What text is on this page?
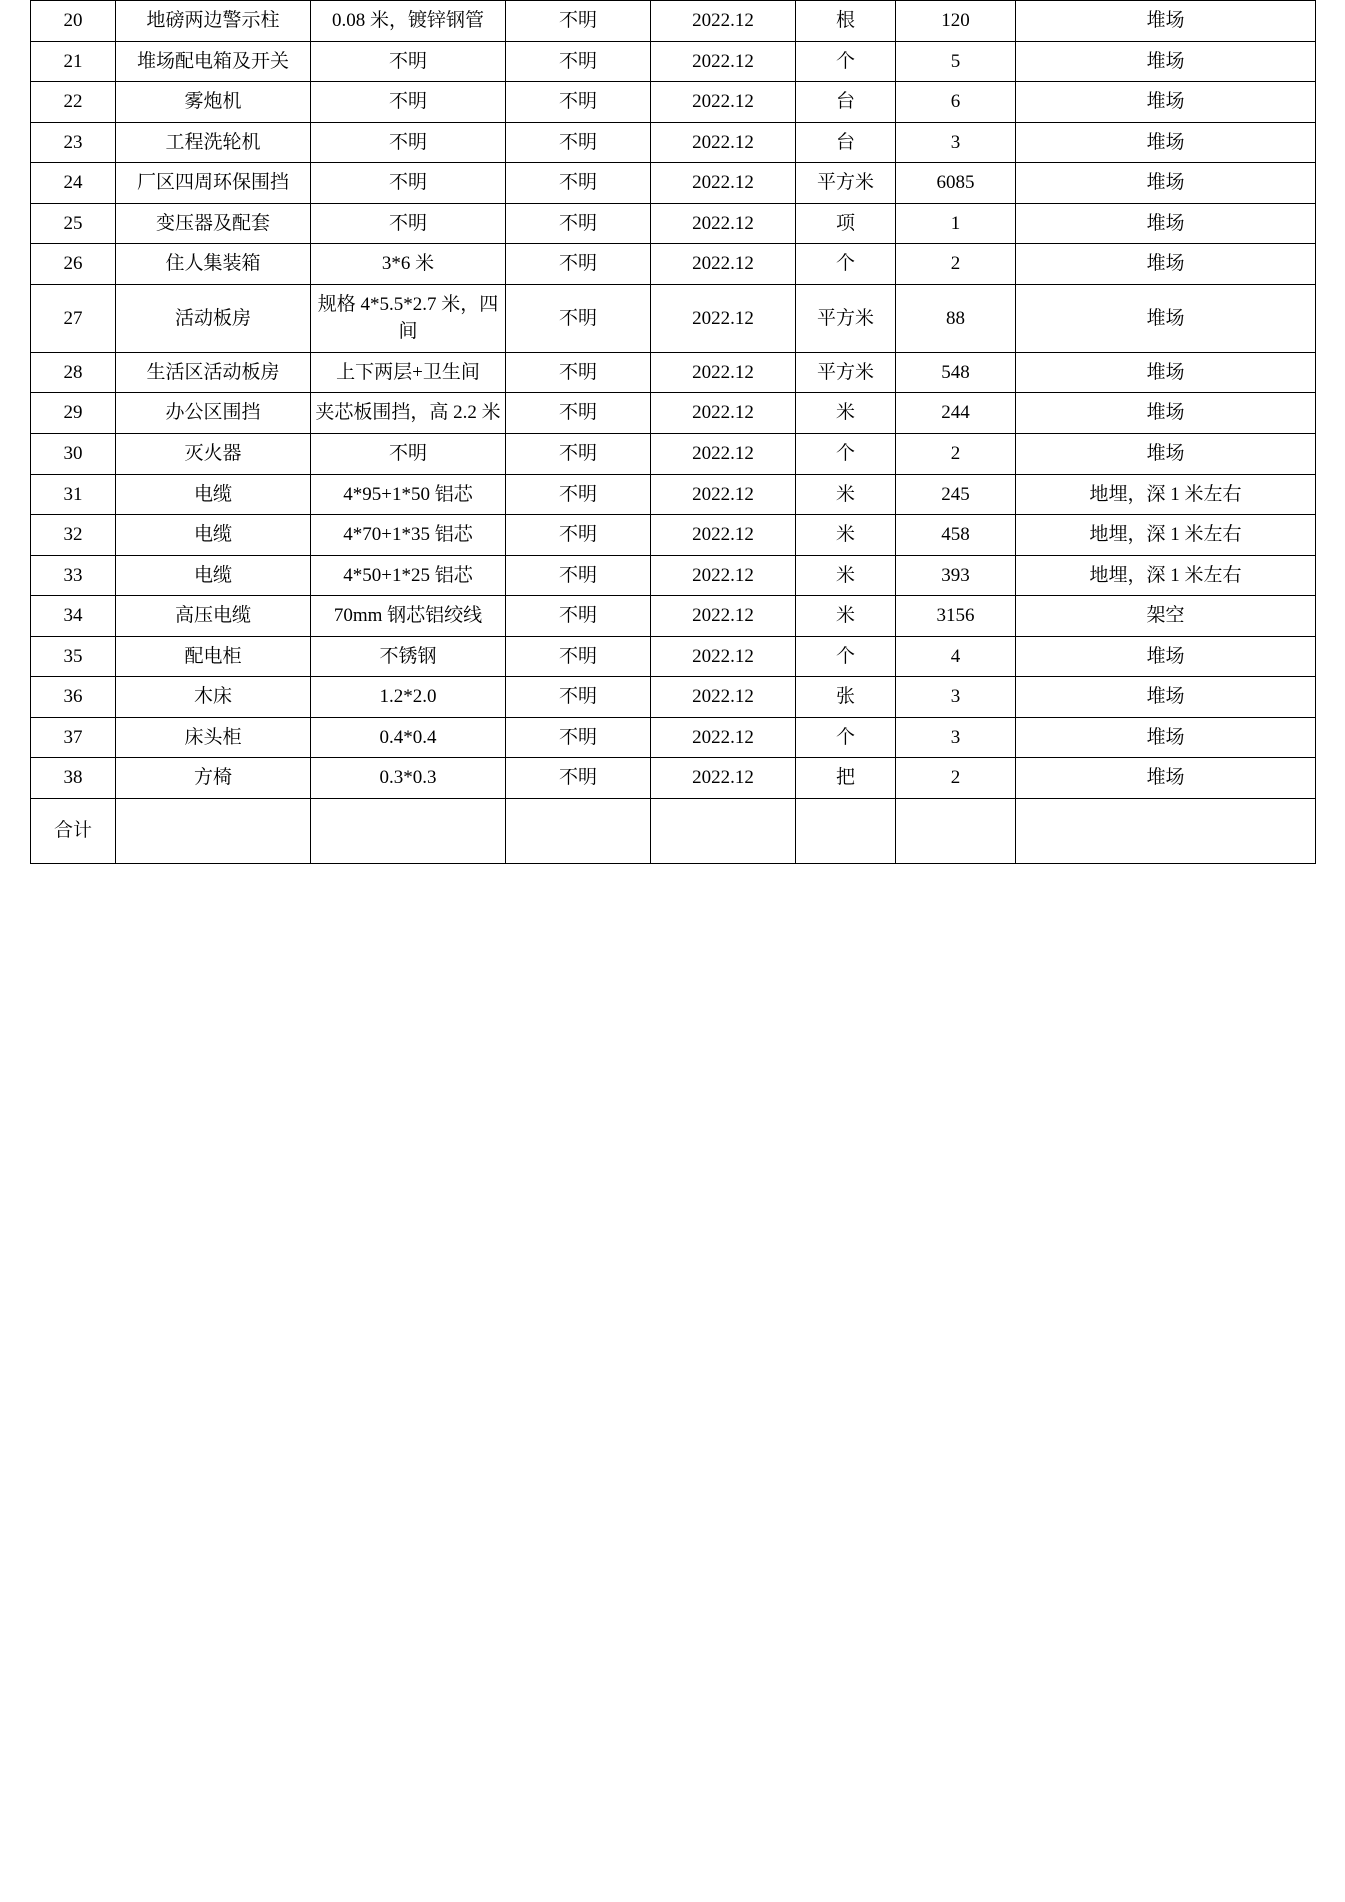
20	地磅两边警示柱	0.08 米，镀锌钢管	不明	2022.12	根	120	堆场
21	堆场配电箱及开关	不明	不明	2022.12	个	5	堆场
22	雾炮机	不明	不明	2022.12	台	6	堆场
23	工程洗轮机	不明	不明	2022.12	台	3	堆场
24	厂区四周环保围挡	不明	不明	2022.12	平方米	6085	堆场
25	变压器及配套	不明	不明	2022.12	项	1	堆场
26	住人集装箱	3*6 米	不明	2022.12	个	2	堆场
27	活动板房	规格 4*5.5*2.7 米，四间	不明	2022.12	平方米	88	堆场
28	生活区活动板房	上下两层+卫生间	不明	2022.12	平方米	548	堆场
29	办公区围挡	夹芯板围挡，高 2.2 米	不明	2022.12	米	244	堆场
30	灭火器	不明	不明	2022.12	个	2	堆场
31	电缆	4*95+1*50 铝芯	不明	2022.12	米	245	地埋，深 1 米左右
32	电缆	4*70+1*35 铝芯	不明	2022.12	米	458	地埋，深 1 米左右
33	电缆	4*50+1*25 铝芯	不明	2022.12	米	393	地埋，深 1 米左右
34	高压电缆	70mm 钢芯铝绞线	不明	2022.12	米	3156	架空
35	配电柜	不锈钢	不明	2022.12	个	4	堆场
36	木床	1.2*2.0	不明	2022.12	张	3	堆场
37	床头柜	0.4*0.4	不明	2022.12	个	3	堆场
38	方椅	0.3*0.3	不明	2022.12	把	2	堆场
合计							
